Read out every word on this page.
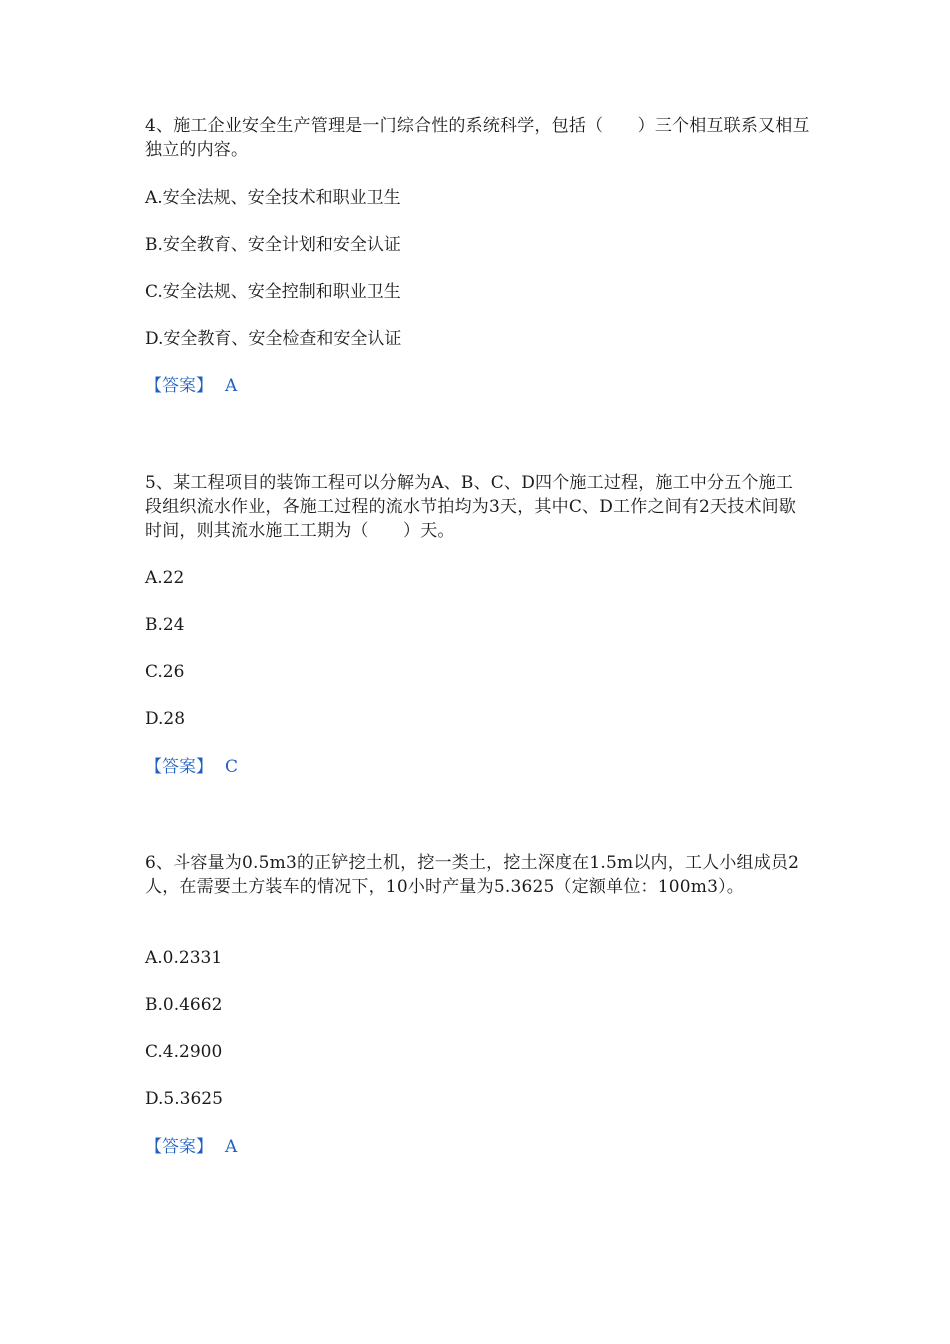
4、施工企业安全生产管理是一门综合性的系统科学，包括（　　）三个相互联系又相互独立的内容。

A.安全法规、安全技术和职业卫生

B.安全教育、安全计划和安全认证

C.安全法规、安全控制和职业卫生

D.安全教育、安全检查和安全认证

【答案】 A

5、某工程项目的装饰工程可以分解为A、B、C、D四个施工过程，施工中分五个施工段组织流水作业，各施工过程的流水节拍均为3天，其中C、D工作之间有2天技术间歇时间，则其流水施工工期为（　　）天。

A.22

B.24

C.26

D.28

【答案】 C

6、斗容量为0.5m3的正铲挖土机，挖一类土，挖土深度在1.5m以内，工人小组成员2人，在需要土方装车的情况下，10小时产量为5.3625（定额单位：100m3）。

A.0.2331

B.0.4662

C.4.2900

D.5.3625

【答案】 A
